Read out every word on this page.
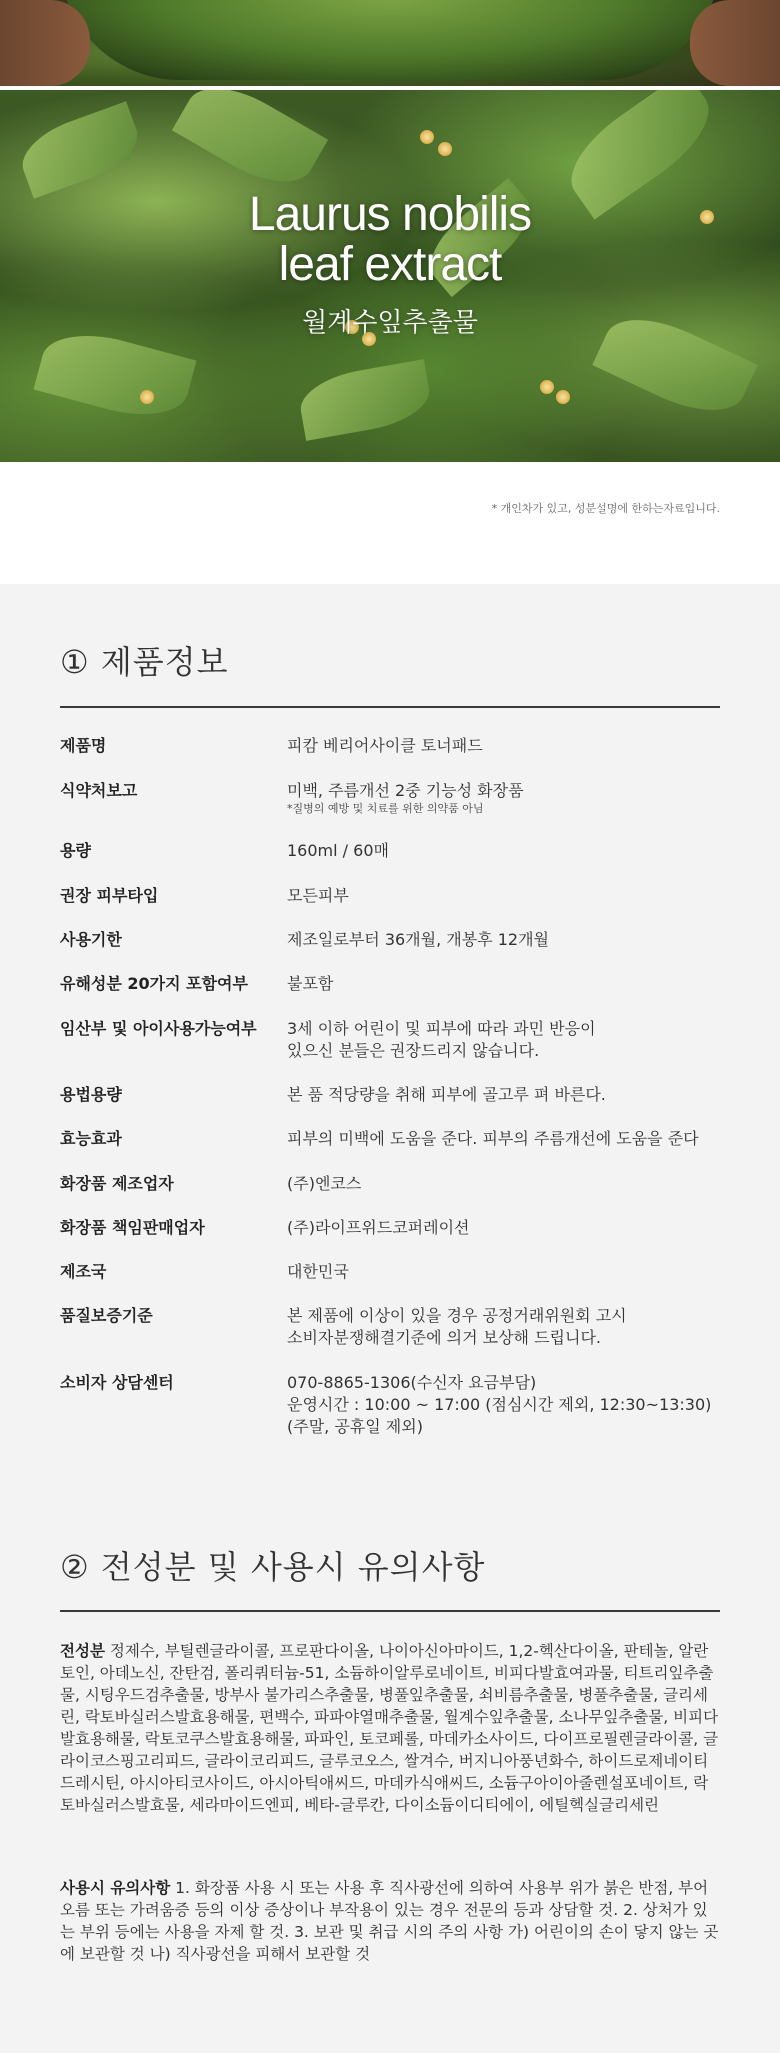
Laurus nobilis
leaf extract
월계수잎추출물
* 개인차가 있고, 성분설명에 한하는자료입니다.
① 제품정보
제품명	피캄 베리어사이클 토너패드
식약처보고	미백, 주름개선 2중 기능성 화장품
*질병의 예방 및 치료를 위한 의약품 아님
용량	160ml / 60매
권장 피부타입	모든피부
사용기한	제조일로부터 36개월, 개봉후 12개월
유해성분 20가지 포함여부	불포함
임산부 및 아이사용가능여부	3세 이하 어린이 및 피부에 따라 과민 반응이
있으신 분들은 권장드리지 않습니다.
용법용량	본 품 적당량을 취해 피부에 골고루 펴 바른다.
효능효과	피부의 미백에 도움을 준다. 피부의 주름개선에 도움을 준다
화장품 제조업자	(주)엔코스
화장품 책임판매업자	(주)라이프위드코퍼레이션
제조국	대한민국
품질보증기준	본 제품에 이상이 있을 경우 공정거래위원회 고시
소비자분쟁해결기준에 의거 보상해 드립니다.
소비자 상담센터	070-8865-1306(수신자 요금부담)
운영시간 : 10:00 ~ 17:00 (점심시간 제외, 12:30~13:30)
(주말, 공휴일 제외)
② 전성분 및 사용시 유의사항
전성분 정제수, 부틸렌글라이콜, 프로판다이올, 나이아신아마이드, 1,2-헥산다이올, 판테놀, 알란토인, 아데노신, 잔탄검, 폴리쿼터늄-51, 소듐하이알루로네이트, 비피다발효여과물, 티트리잎추출물, 시팅우드검추출물, 방부사 불가리스추출물, 병풀잎추출물, 쇠비름추출물, 병풀추출물, 글리세린, 락토바실러스발효용해물, 편백수, 파파야열매추출물, 월계수잎추출물, 소나무잎추출물, 비피다발효용해물, 락토코쿠스발효용해물, 파파인, 토코페롤, 마데카소사이드, 다이프로필렌글라이콜, 글라이코스핑고리피드, 글라이코리피드, 글루코오스, 쌀겨수, 버지니아풍년화수, 하이드로제네이티드레시틴, 아시아티코사이드, 아시아틱애씨드, 마데카식애씨드, 소듐구아이아줄렌설포네이트, 락토바실러스발효물, 세라마이드엔피, 베타-글루칸, 다이소듐이디티에이, 에틸헥실글리세린
사용시 유의사항 1. 화장품 사용 시 또는 사용 후 직사광선에 의하여 사용부 위가 붉은 반점, 부어오름 또는 가려움증 등의 이상 증상이나 부작용이 있는 경우 전문의 등과 상담할 것. 2. 상처가 있는 부위 등에는 사용을 자제 할 것. 3. 보관 및 취급 시의 주의 사항 가) 어린이의 손이 닿지 않는 곳에 보관할 것 나) 직사광선을 피해서 보관할 것
